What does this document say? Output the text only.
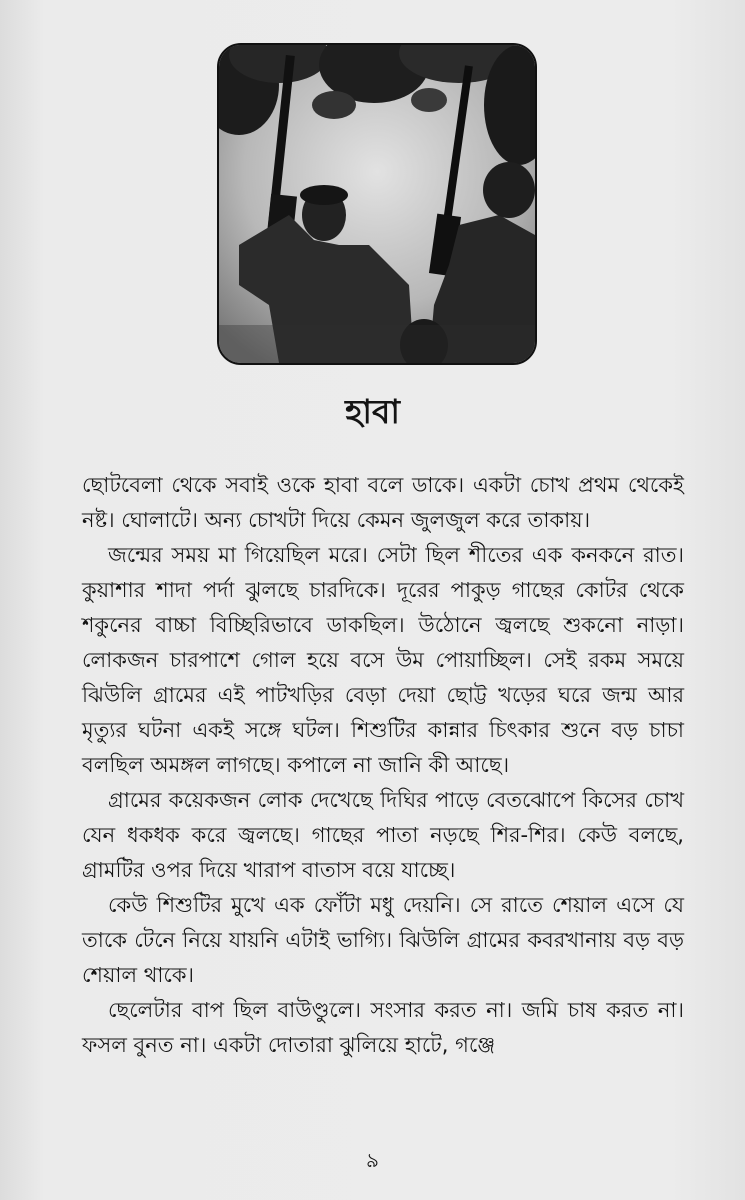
হাবা

ছোটবেলা থেকে সবাই ওকে হাবা বলে ডাকে। একটা চোখ প্রথম থেকেই নষ্ট। ঘোলাটে। অন্য চোখটা দিয়ে কেমন জুলজুল করে তাকায়।

জন্মের সময় মা গিয়েছিল মরে। সেটা ছিল শীতের এক কনকনে রাত। কুয়াশার শাদা পর্দা ঝুলছে চারদিকে। দূরের পাকুড় গাছের কোটর থেকে শকুনের বাচ্চা বিচ্ছিরিভাবে ডাকছিল। উঠোনে জ্বলছে শুকনো নাড়া। লোকজন চারপাশে গোল হয়ে বসে উম পোয়াচ্ছিল। সেই রকম সময়ে ঝিউলি গ্রামের এই পাটখড়ির বেড়া দেয়া ছোট্ট খড়ের ঘরে জন্ম আর মৃত্যুর ঘটনা একই সঙ্গে ঘটল। শিশুটির কান্নার চিৎকার শুনে বড় চাচা বলছিল অমঙ্গল লাগছে। কপালে না জানি কী আছে।

গ্রামের কয়েকজন লোক দেখেছে দিঘির পাড়ে বেতঝোপে কিসের চোখ যেন ধকধক করে জ্বলছে। গাছের পাতা নড়ছে শির-শির। কেউ বলছে, গ্রামটির ওপর দিয়ে খারাপ বাতাস বয়ে যাচ্ছে।

কেউ শিশুটির মুখে এক ফোঁটা মধু দেয়নি। সে রাতে শেয়াল এসে যে তাকে টেনে নিয়ে যায়নি এটাই ভাগ্যি। ঝিউলি গ্রামের কবরখানায় বড় বড় শেয়াল থাকে।

ছেলেটার বাপ ছিল বাউণ্ডুলে। সংসার করত না। জমি চাষ করত না। ফসল বুনত না। একটা দোতারা ঝুলিয়ে হাটে, গঞ্জে

৯
